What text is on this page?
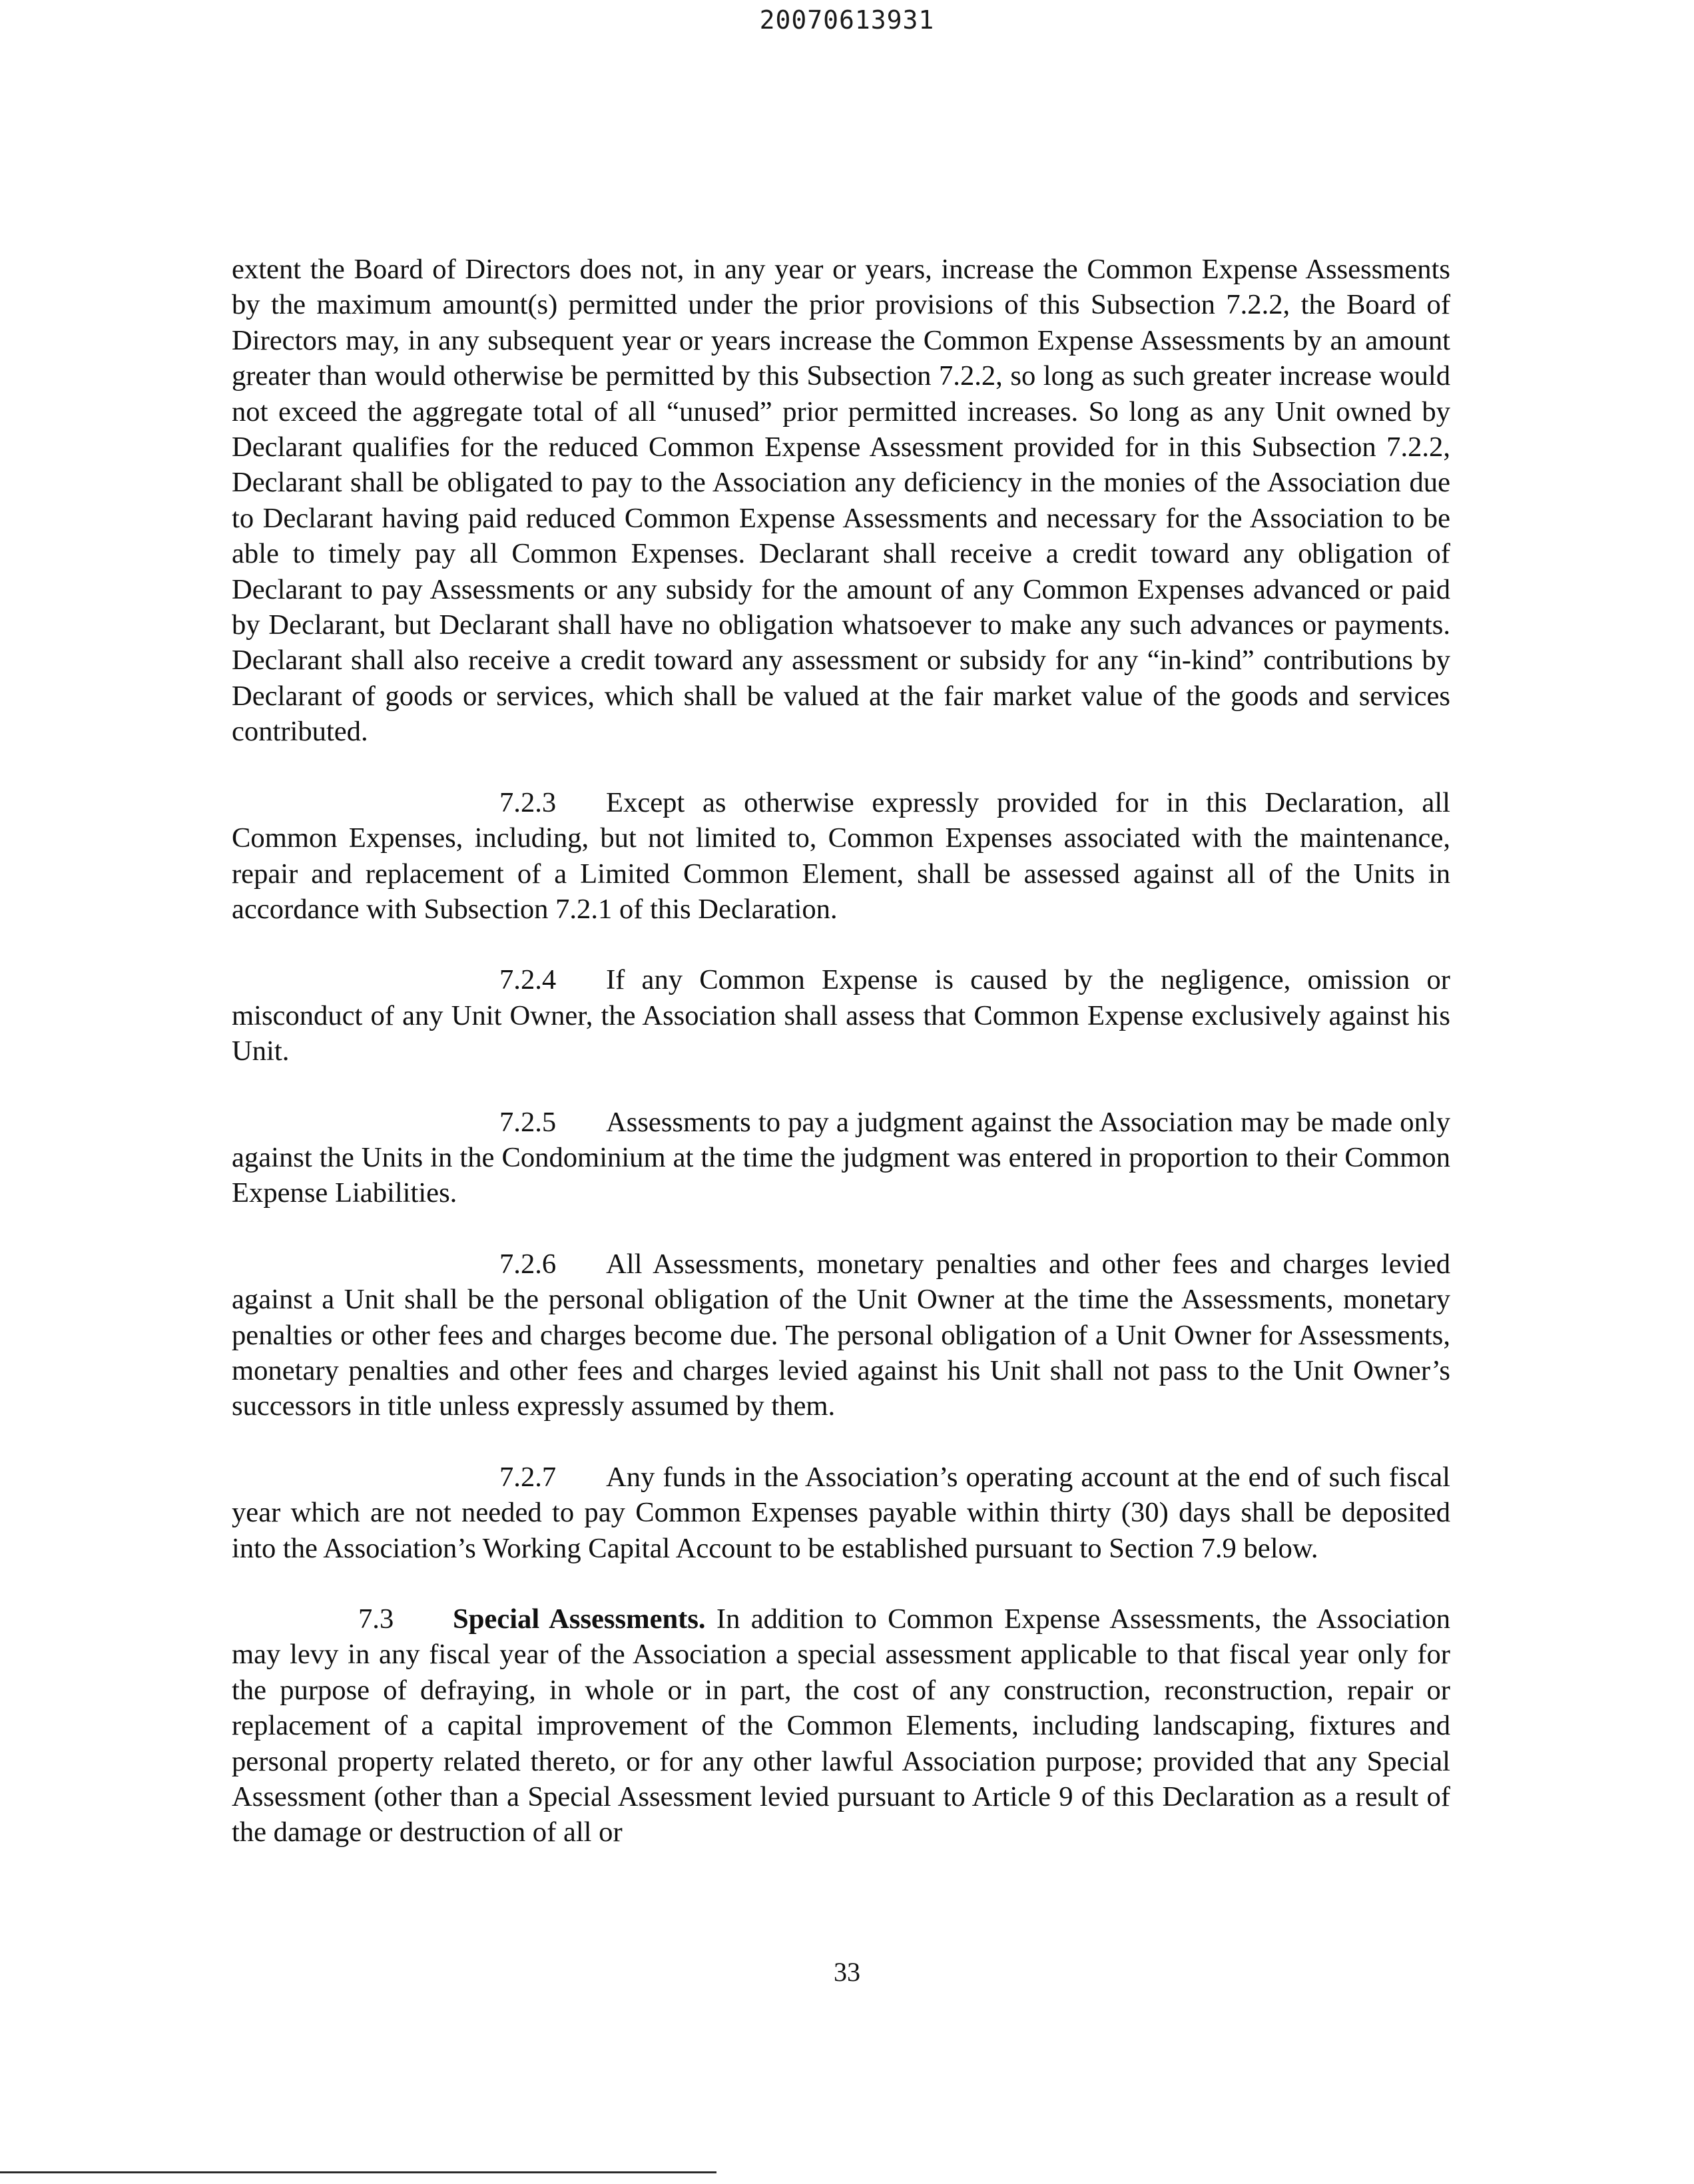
20070613931

extent the Board of Directors does not, in any year or years, increase the Common Expense Assessments by the maximum amount(s) permitted under the prior provisions of this Subsection 7.2.2, the Board of Directors may, in any subsequent year or years increase the Common Expense Assessments by an amount greater than would otherwise be permitted by this Subsection 7.2.2, so long as such greater increase would not exceed the aggregate total of all “unused” prior permitted increases. So long as any Unit owned by Declarant qualifies for the reduced Common Expense Assessment provided for in this Subsection 7.2.2, Declarant shall be obligated to pay to the Association any deficiency in the monies of the Association due to Declarant having paid reduced Common Expense Assessments and necessary for the Association to be able to timely pay all Common Expenses. Declarant shall receive a credit toward any obligation of Declarant to pay Assessments or any subsidy for the amount of any Common Expenses advanced or paid by Declarant, but Declarant shall have no obligation whatsoever to make any such advances or payments. Declarant shall also receive a credit toward any assessment or subsidy for any “in-kind” contributions by Declarant of goods or services, which shall be valued at the fair market value of the goods and services contributed.

7.2.3 Except as otherwise expressly provided for in this Declaration, all Common Expenses, including, but not limited to, Common Expenses associated with the maintenance, repair and replacement of a Limited Common Element, shall be assessed against all of the Units in accordance with Subsection 7.2.1 of this Declaration.

7.2.4 If any Common Expense is caused by the negligence, omission or misconduct of any Unit Owner, the Association shall assess that Common Expense exclusively against his Unit.

7.2.5 Assessments to pay a judgment against the Association may be made only against the Units in the Condominium at the time the judgment was entered in proportion to their Common Expense Liabilities.

7.2.6 All Assessments, monetary penalties and other fees and charges levied against a Unit shall be the personal obligation of the Unit Owner at the time the Assessments, monetary penalties or other fees and charges become due. The personal obligation of a Unit Owner for Assessments, monetary penalties and other fees and charges levied against his Unit shall not pass to the Unit Owner’s successors in title unless expressly assumed by them.

7.2.7 Any funds in the Association’s operating account at the end of such fiscal year which are not needed to pay Common Expenses payable within thirty (30) days shall be deposited into the Association’s Working Capital Account to be established pursuant to Section 7.9 below.

7.3 Special Assessments. In addition to Common Expense Assessments, the Association may levy in any fiscal year of the Association a special assessment applicable to that fiscal year only for the purpose of defraying, in whole or in part, the cost of any construction, reconstruction, repair or replacement of a capital improvement of the Common Elements, including landscaping, fixtures and personal property related thereto, or for any other lawful Association purpose; provided that any Special Assessment (other than a Special Assessment levied pursuant to Article 9 of this Declaration as a result of the damage or destruction of all or

33
